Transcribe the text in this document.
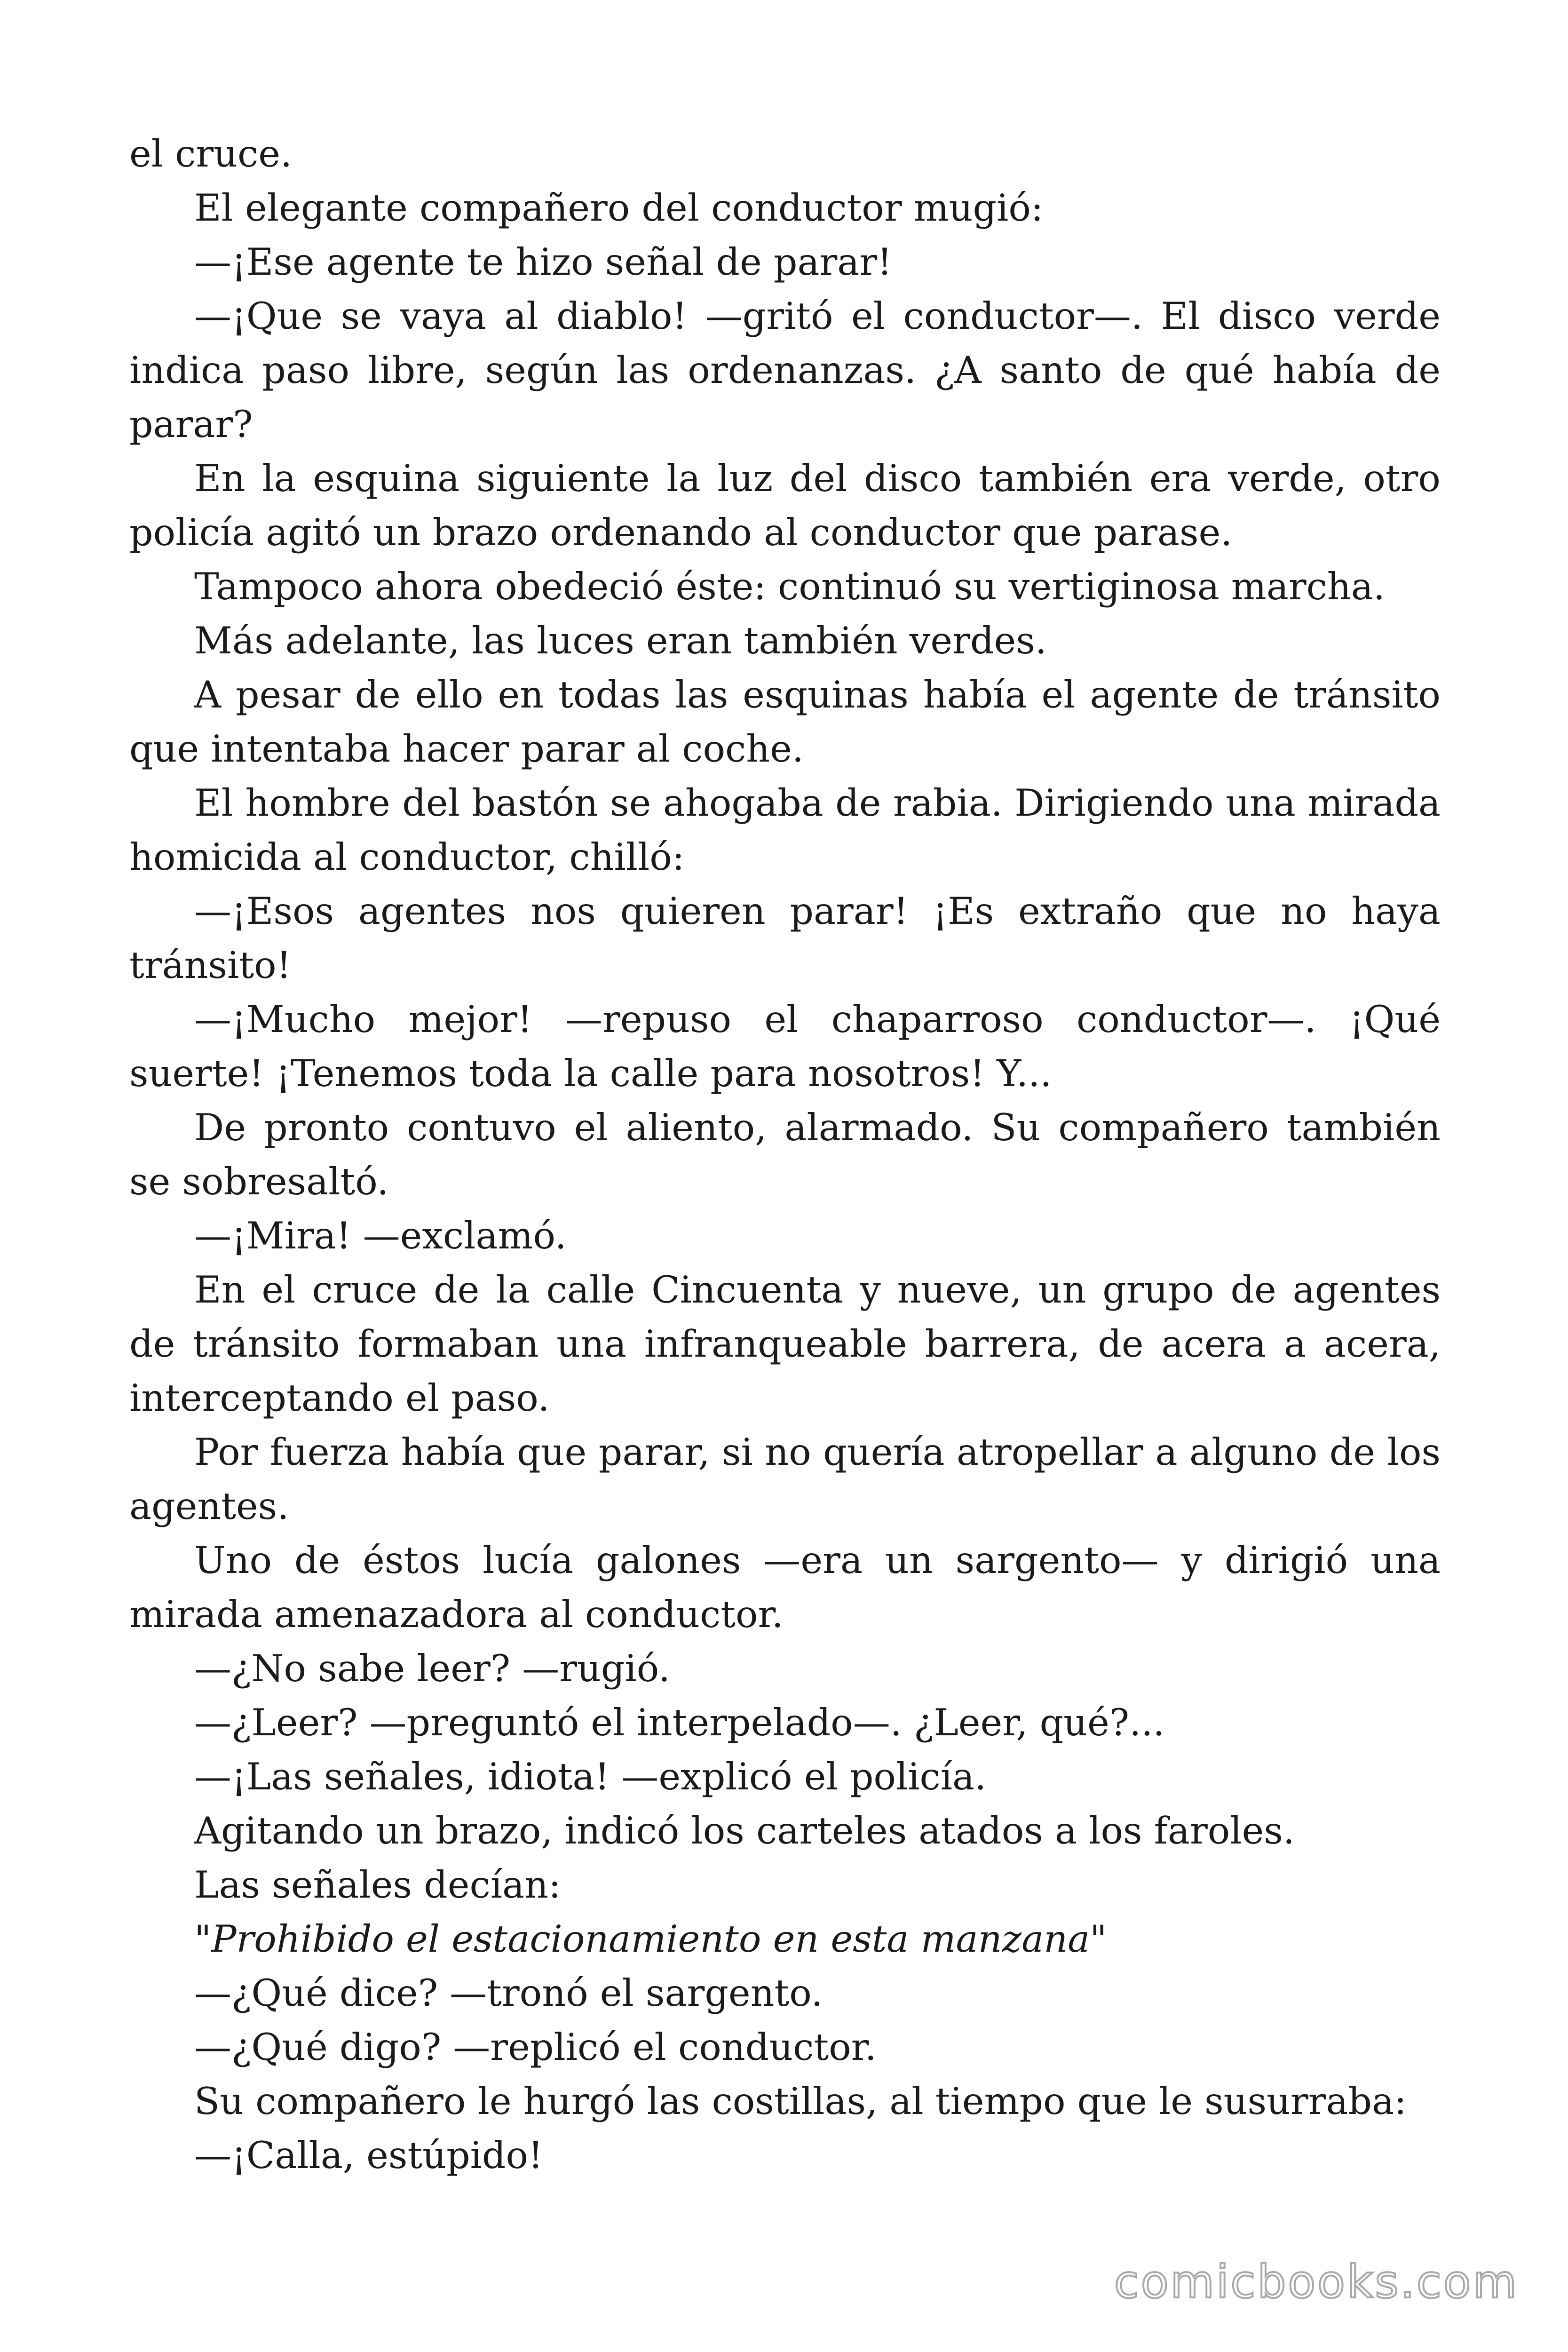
el cruce.

El elegante compañero del conductor mugió:

—¡Ese agente te hizo señal de parar!

—¡Que se vaya al diablo! —gritó el conductor—. El disco verde indica paso libre, según las ordenanzas. ¿A santo de qué había de parar?

En la esquina siguiente la luz del disco también era verde, otro policía agitó un brazo ordenando al conductor que parase.

Tampoco ahora obedeció éste: continuó su vertiginosa marcha.

Más adelante, las luces eran también verdes.

A pesar de ello en todas las esquinas había el agente de tránsito que intentaba hacer parar al coche.

El hombre del bastón se ahogaba de rabia. Dirigiendo una mirada homicida al conductor, chilló:

—¡Esos agentes nos quieren parar! ¡Es extraño que no haya tránsito!

—¡Mucho mejor! —repuso el chaparroso conductor—. ¡Qué suerte! ¡Tenemos toda la calle para nosotros! Y...

De pronto contuvo el aliento, alarmado. Su compañero también se sobresaltó.

—¡Mira! —exclamó.

En el cruce de la calle Cincuenta y nueve, un grupo de agentes de tránsito formaban una infranqueable barrera, de acera a acera, interceptando el paso.

Por fuerza había que parar, si no quería atropellar a alguno de los agentes.

Uno de éstos lucía galones —era un sargento— y dirigió una mirada amenazadora al conductor.

—¿No sabe leer? —rugió.

—¿Leer? —preguntó el interpelado—. ¿Leer, qué?...

—¡Las señales, idiota! —explicó el policía.

Agitando un brazo, indicó los carteles atados a los faroles.

Las señales decían:

"Prohibido el estacionamiento en esta manzana"

—¿Qué dice? —tronó el sargento.

—¿Qué digo? —replicó el conductor.

Su compañero le hurgó las costillas, al tiempo que le susurraba:

—¡Calla, estúpido!

comicbooks.com
